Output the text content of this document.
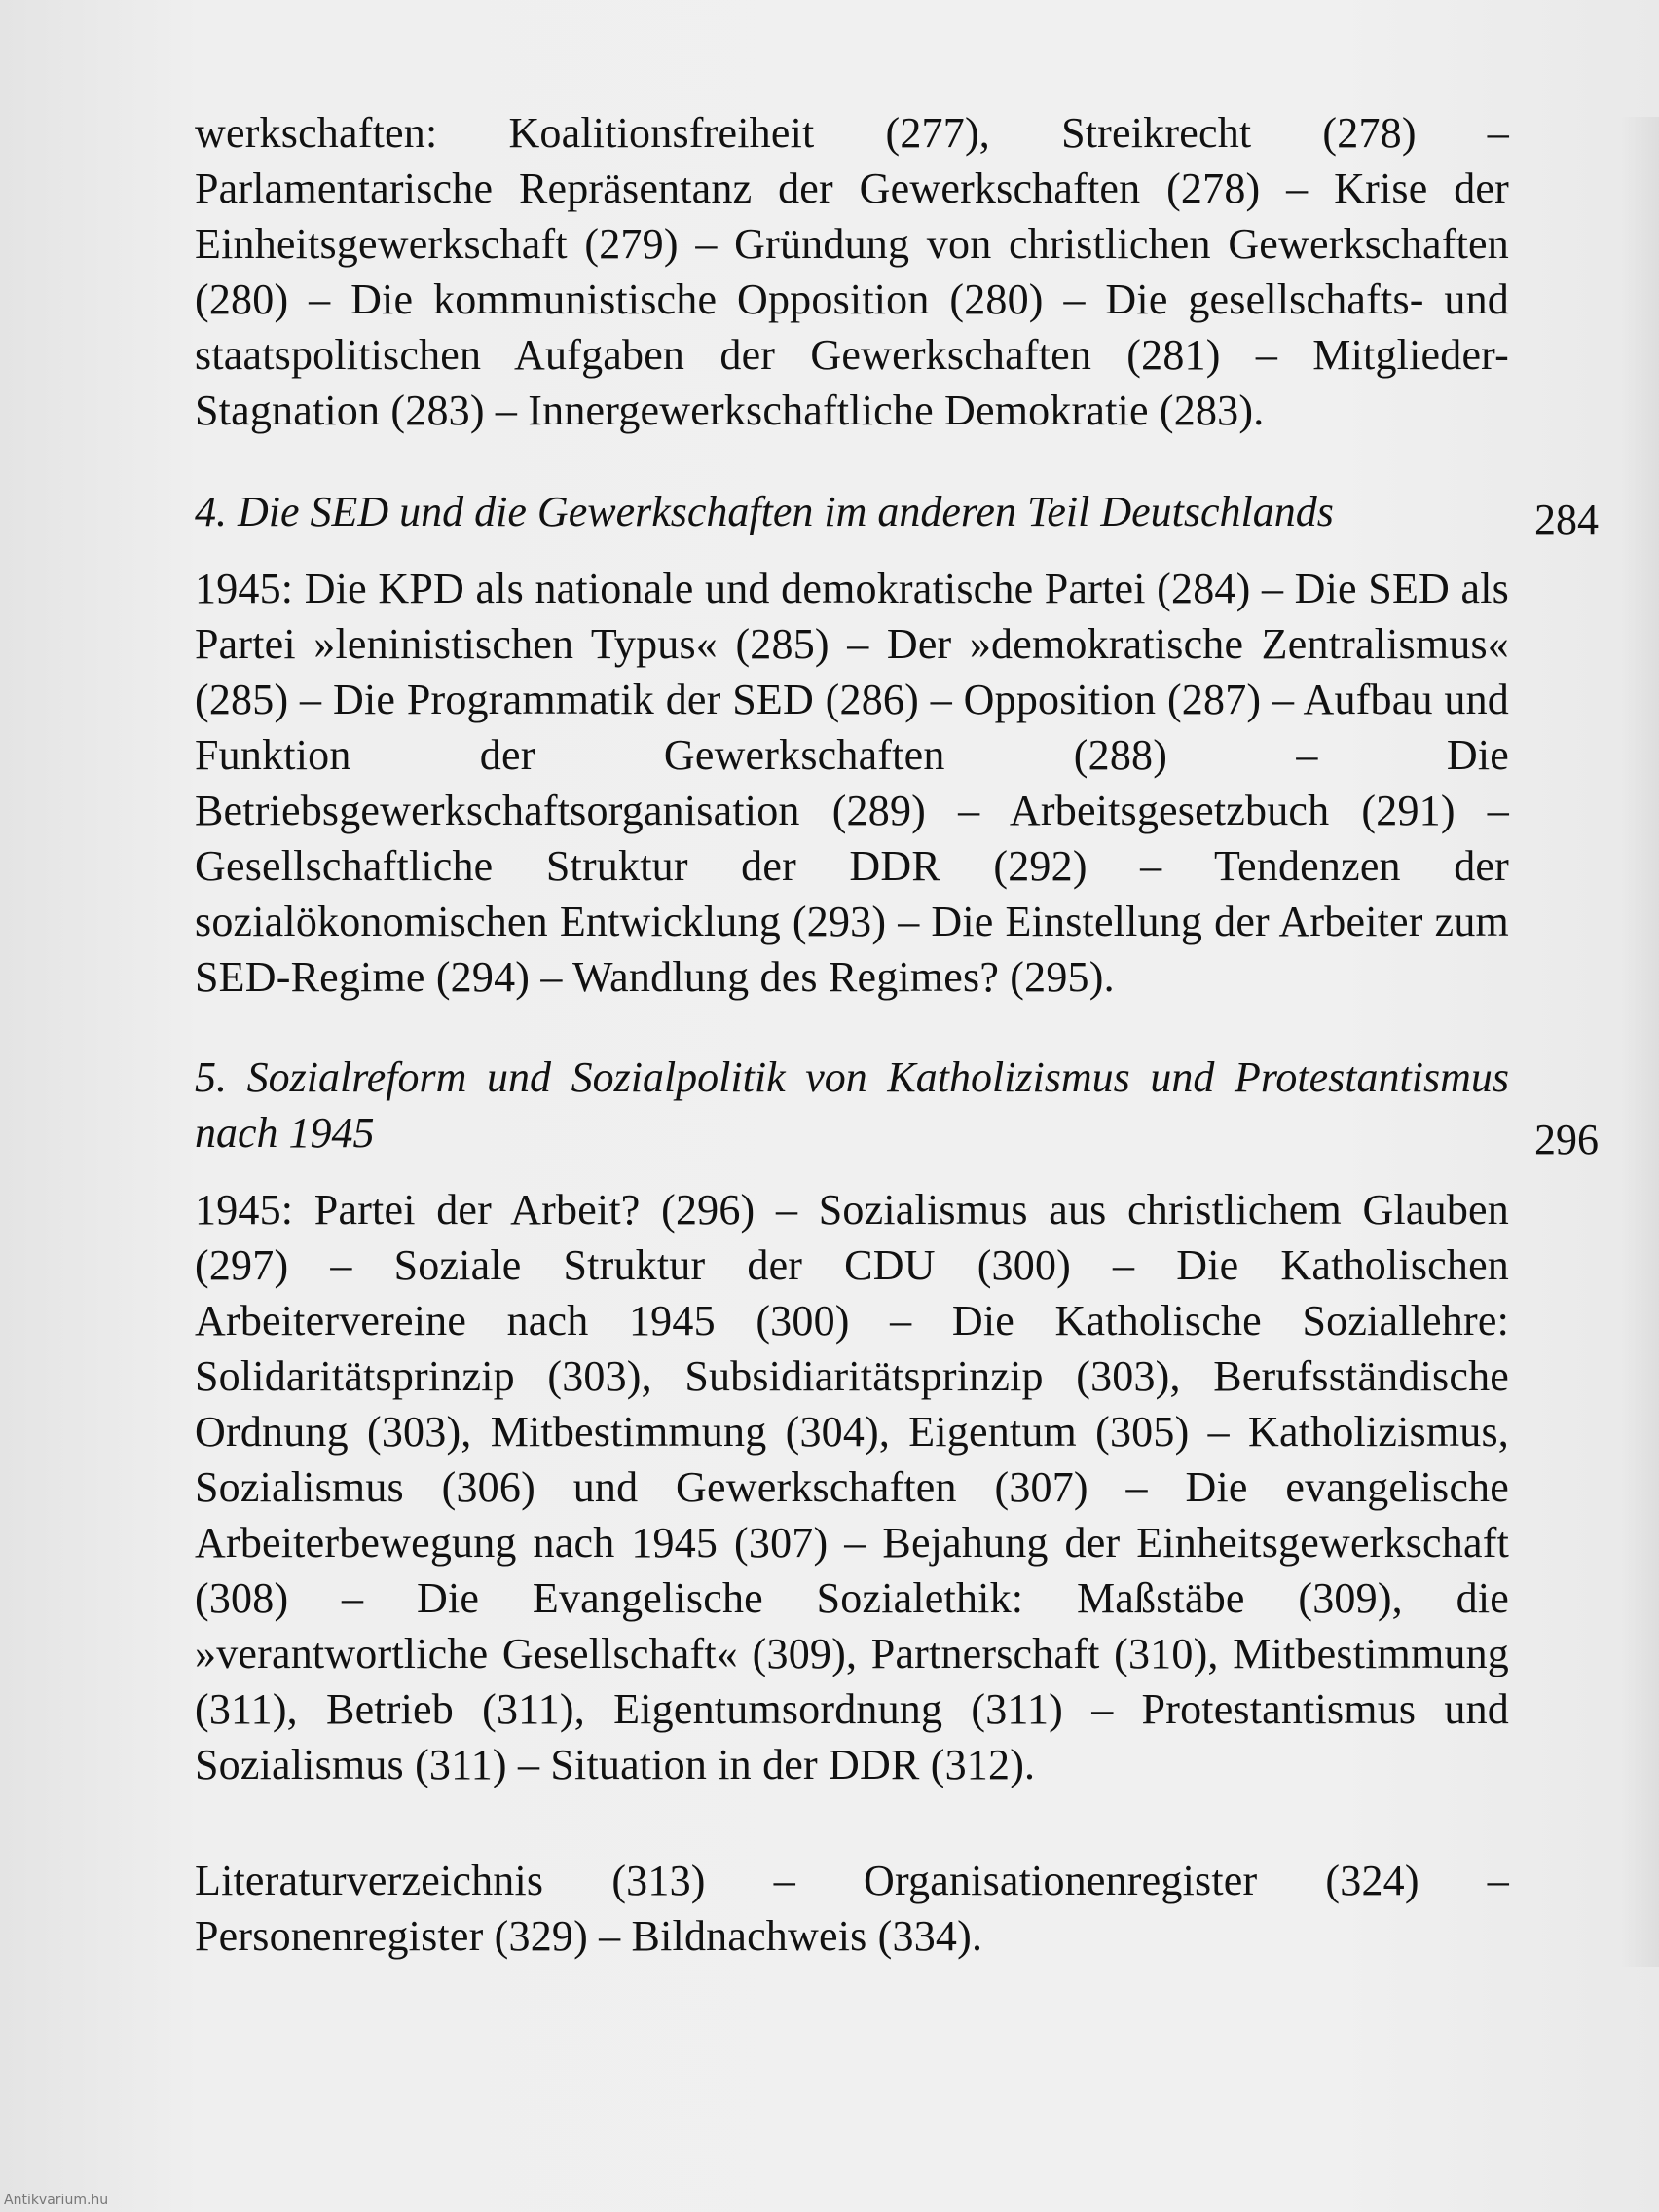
werkschaften: Koalitionsfreiheit (277), Streikrecht (278) – Parlamentarische Repräsentanz der Gewerkschaften (278) – Krise der Einheitsgewerkschaft (279) – Gründung von christlichen Gewerkschaften (280) – Die kommunistische Opposition (280) – Die gesellschafts- und staatspolitischen Aufgaben der Gewerkschaften (281) – Mitglieder-Stagnation (283) – Innergewerkschaftliche Demokratie (283).

4. Die SED und die Gewerkschaften im anderen Teil Deutschlands	284

1945: Die KPD als nationale und demokratische Partei (284) – Die SED als Partei »leninistischen Typus« (285) – Der »demokratische Zentralismus« (285) – Die Programmatik der SED (286) – Opposition (287) – Aufbau und Funktion der Gewerkschaften (288) – Die Betriebsgewerkschaftsorganisation (289) – Arbeitsgesetzbuch (291) – Gesellschaftliche Struktur der DDR (292) – Tendenzen der sozialökonomischen Entwicklung (293) – Die Einstellung der Arbeiter zum SED-Regime (294) – Wandlung des Regimes? (295).

5. Sozialreform und Sozialpolitik von Katholizismus und Protestantismus nach 1945	296

1945: Partei der Arbeit? (296) – Sozialismus aus christlichem Glauben (297) – Soziale Struktur der CDU (300) – Die Katholischen Arbeitervereine nach 1945 (300) – Die Katholische Soziallehre: Solidaritätsprinzip (303), Subsidiaritätsprinzip (303), Berufsständische Ordnung (303), Mitbestimmung (304), Eigentum (305) – Katholizismus, Sozialismus (306) und Gewerkschaften (307) – Die evangelische Arbeiterbewegung nach 1945 (307) – Bejahung der Einheitsgewerkschaft (308) – Die Evangelische Sozialethik: Maßstäbe (309), die »verantwortliche Gesellschaft« (309), Partnerschaft (310), Mitbestimmung (311), Betrieb (311), Eigentumsordnung (311) – Protestantismus und Sozialismus (311) – Situation in der DDR (312).

Literaturverzeichnis (313) – Organisationenregister (324) – Personenregister (329) – Bildnachweis (334).

Antikvarium.hu
